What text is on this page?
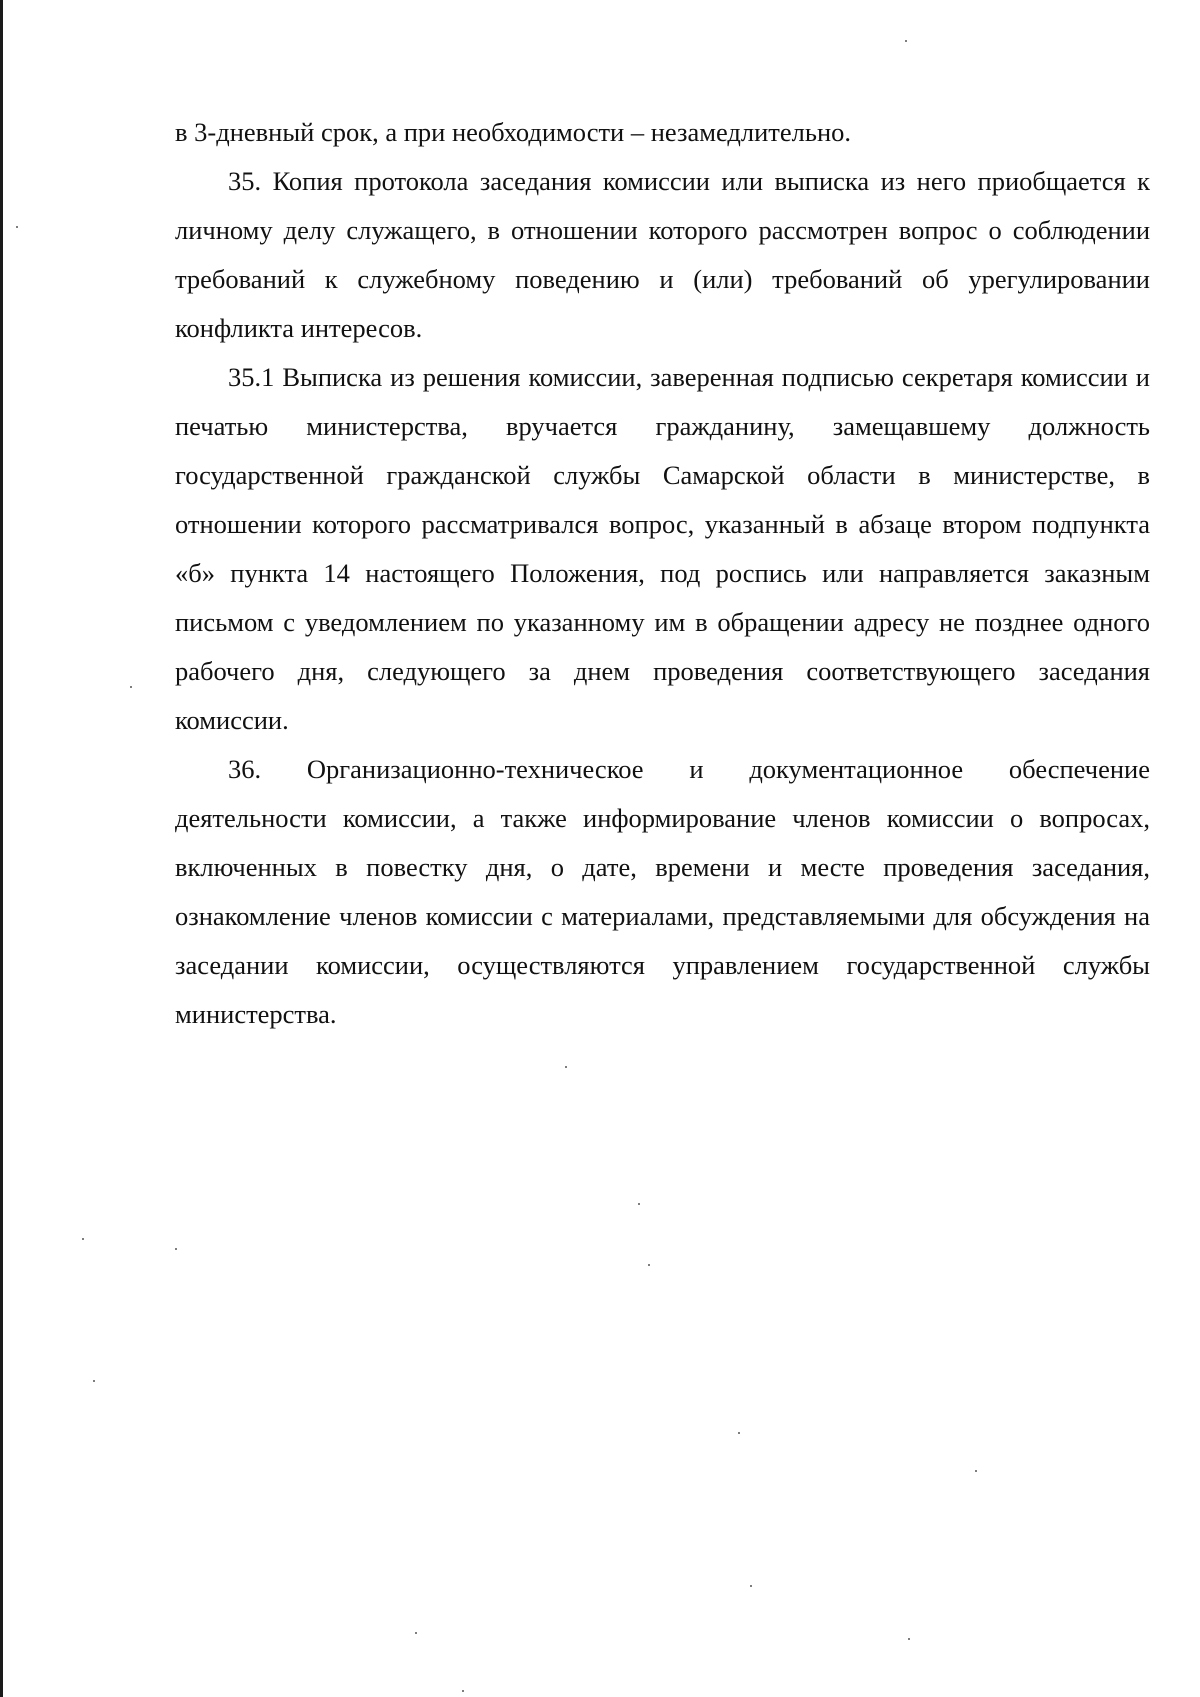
в 3-дневный срок, а при необходимости – незамедлительно.

35. Копия протокола заседания комиссии или выписка из него приобщается к личному делу служащего, в отношении которого рассмотрен вопрос о соблюдении требований к служебному поведению и (или) требований об урегулировании конфликта интересов.

35.1 Выписка из решения комиссии, заверенная подписью секретаря комиссии и печатью министерства, вручается гражданину, замещавшему должность государственной гражданской службы Самарской области в министерстве, в отношении которого рассматривался вопрос, указанный в абзаце втором подпункта «б» пункта 14 настоящего Положения, под роспись или направляется заказным письмом с уведомлением по указанному им в обращении адресу не позднее одного рабочего дня, следующего за днем проведения соответствующего заседания комиссии.

36. Организационно-техническое и документационное обеспечение деятельности комиссии, а также информирование членов комиссии о вопросах, включенных в повестку дня, о дате, времени и месте проведения заседания, ознакомление членов комиссии с материалами, представляемыми для обсуждения на заседании комиссии, осуществляются управлением государственной службы министерства.
